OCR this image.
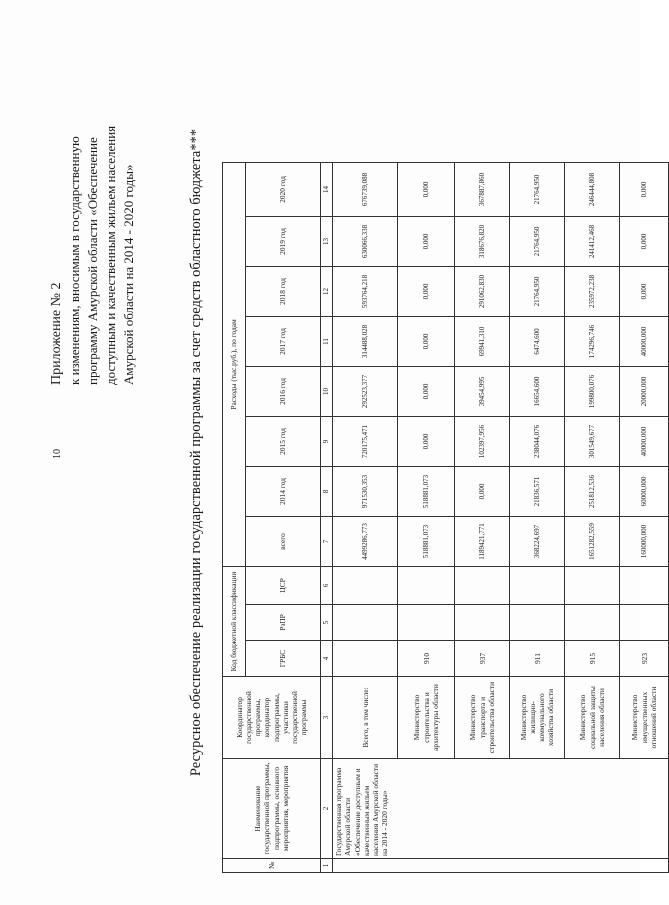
10
Приложение № 2 к изменениям, вносимым в государственную программу Амурской области «Обеспечение доступным и качественным жильем населения Амурской области на 2014 - 2020 годы»	Ресурсное обеспечение реализации государственной программы за счет средств областного бюджета***
№	Наименование государственной программы, подпрограммы, основного мероприятия, мероприятия	Координатор государственной программы, координатор подпрограммы, участники государственной программы	Код бюджетной классификации			Расходы (тыс.руб.), по годам							
			ГРБС	РзПР	ЦСР	всего	2014 год	2015 год	2016 год	2017 год	2018 год	2019 год	2020 год
1	2	3	4	5	6	7	8	9	10	11	12	13	14
	Государственная программа Амурской области «Обеспечение доступным и качественным жильем населения Амурской области на 2014 - 2020 годы»	Всего, в том числе:				4499286,773	971530,353	720175,471	292523,377	314488,028	593764,218	630066,338	676739,088
		Министерство строительства и архитектуры области	910			518881,073	518881,073	0,000	0,000	0,000	0,000	0,000	0,000
		Министерство транспорта и строительства области	937			1189421,771	0,000	102397,956	39454,995	69941,310	291062,830	318676,820	367887,860
		Министерство жилищно-коммунального хозяйства области	911			368224,697	21836,571	238044,076	16654,600	6474,600	21764,950	21764,950	21764,950
		Министерство социальной защиты населения области	915			1651282,559	251812,536	301549,677	199800,076	174296,746	235972,238	241412,468	246444,808
		Министерство имущественных отношений области	923			160000,000	60000,000	40000,000	20000,000	40000,000	0,000	0,000	0,000
